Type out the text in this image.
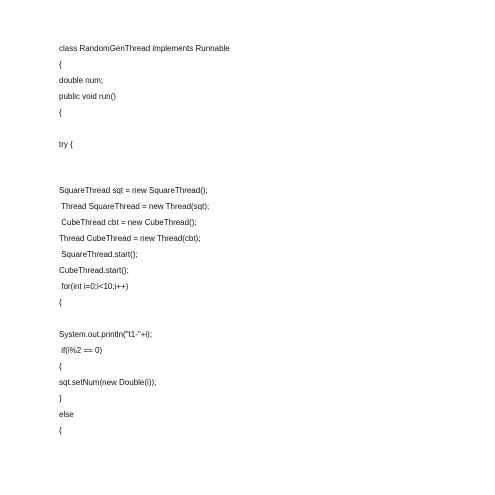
class RandomGenThread implements Runnable

{

double num;

public void run()

{

try {

SquareThread sqt = new SquareThread();

Thread SquareThread = new Thread(sqt);

CubeThread cbt = new CubeThread();

Thread CubeThread = new Thread(cbt);

SquareThread.start();

CubeThread.start();

for(int i=0;i<10;i++)

{

System.out.println("t1-"+i);

if(i%2 == 0)

{

sqt.setNum(new Double(i));

}

else

{
